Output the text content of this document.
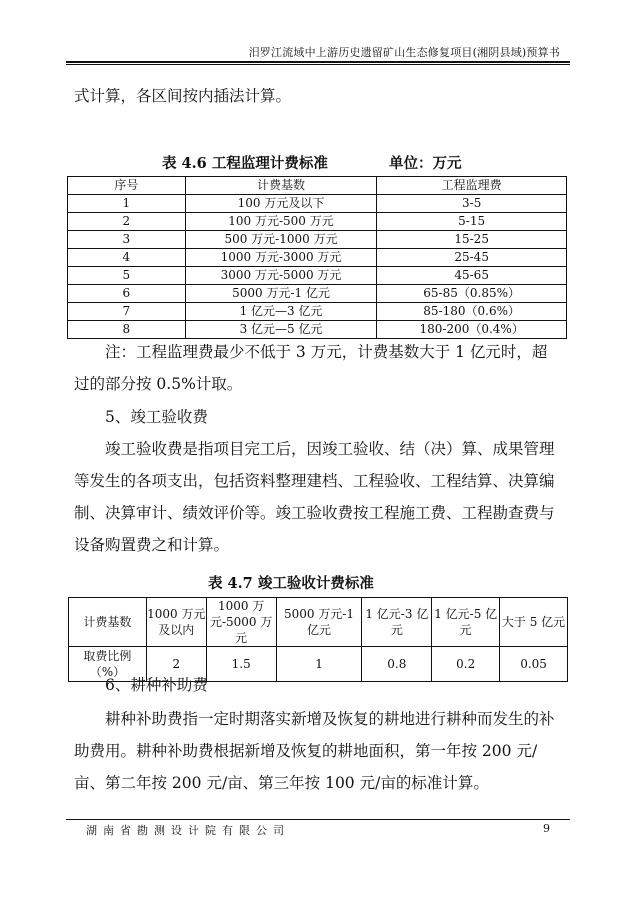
汨罗江流域中上游历史遗留矿山生态修复项目(湘阴县域)预算书

式计算，各区间按内插法计算。

表 4.6 工程监理计费标准	单位：万元
序号	计费基数	工程监理费
1	100 万元及以下	3-5
2	100 万元-500 万元	5-15
3	500 万元-1000 万元	15-25
4	1000 万元-3000 万元	25-45
5	3000 万元-5000 万元	45-65
6	5000 万元-1 亿元	65-85（0.85%）
7	1 亿元—3 亿元	85-180（0.6%）
8	3 亿元—5 亿元	180-200（0.4%）

注：工程监理费最少不低于 3 万元，计费基数大于 1 亿元时，超过的部分按 0.5%计取。

5、竣工验收费

竣工验收费是指项目完工后，因竣工验收、结（决）算、成果管理等发生的各项支出，包括资料整理建档、工程验收、工程结算、决算编制、决算审计、绩效评价等。竣工验收费按工程施工费、工程勘查费与设备购置费之和计算。

表 4.7 竣工验收计费标准
计费基数	1000 万元及以内	1000 万元-5000 万元	5000 万元-1 亿元	1 亿元-3 亿元	1 亿元-5 亿元	大于 5 亿元
取费比例（%）	2	1.5	1	0.8	0.2	0.05

6、耕种补助费

耕种补助费指一定时期落实新增及恢复的耕地进行耕种而发生的补助费用。耕种补助费根据新增及恢复的耕地面积，第一年按 200 元/亩、第二年按 200 元/亩、第三年按 100 元/亩的标准计算。

湖南省勘测设计院有限公司	9
